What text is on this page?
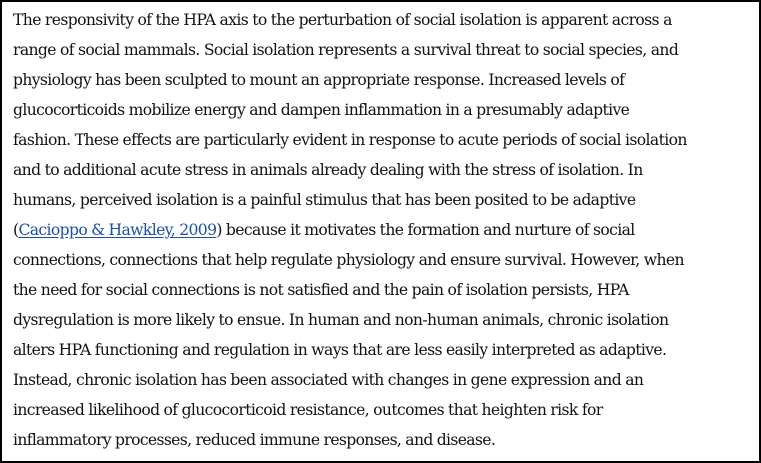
The responsivity of the HPA axis to the perturbation of social isolation is apparent across a
range of social mammals. Social isolation represents a survival threat to social species, and
physiology has been sculpted to mount an appropriate response. Increased levels of
glucocorticoids mobilize energy and dampen inflammation in a presumably adaptive
fashion. These effects are particularly evident in response to acute periods of social isolation
and to additional acute stress in animals already dealing with the stress of isolation. In
humans, perceived isolation is a painful stimulus that has been posited to be adaptive
(Cacioppo & Hawkley, 2009) because it motivates the formation and nurture of social
connections, connections that help regulate physiology and ensure survival. However, when
the need for social connections is not satisfied and the pain of isolation persists, HPA
dysregulation is more likely to ensue. In human and non-human animals, chronic isolation
alters HPA functioning and regulation in ways that are less easily interpreted as adaptive.
Instead, chronic isolation has been associated with changes in gene expression and an
increased likelihood of glucocorticoid resistance, outcomes that heighten risk for
inflammatory processes, reduced immune responses, and disease.
